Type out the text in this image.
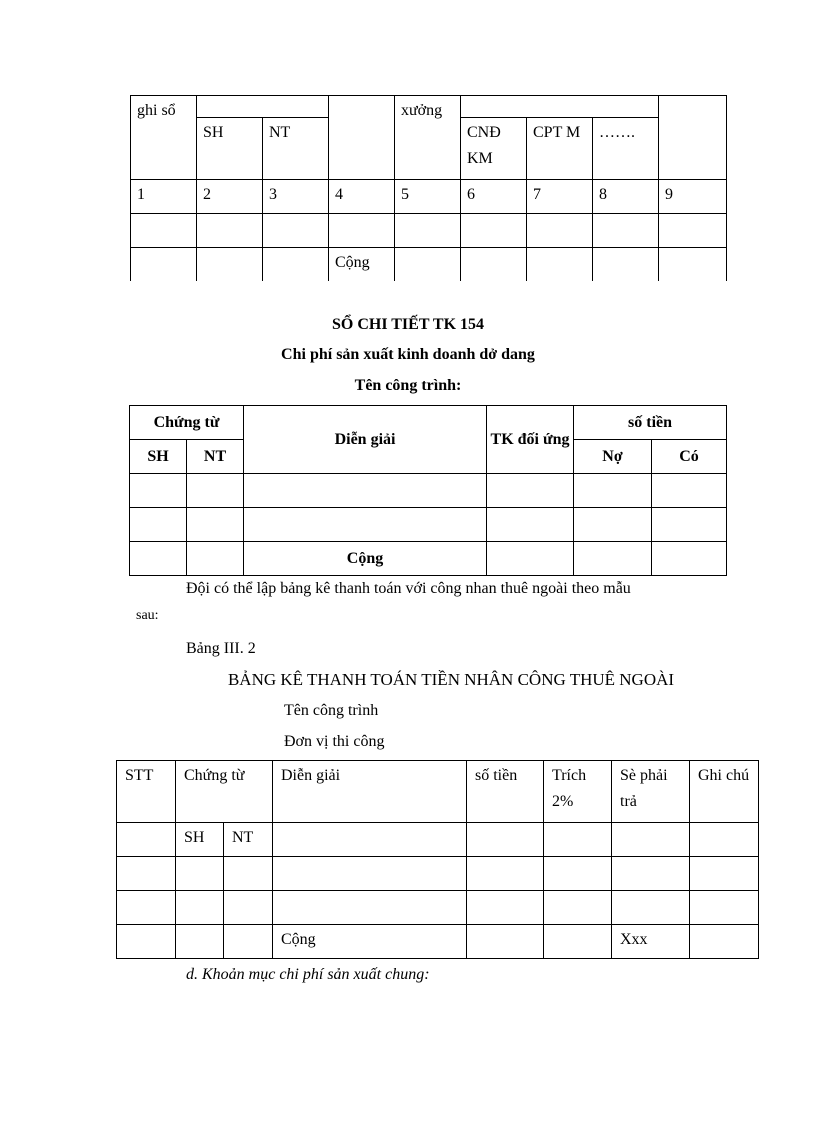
ghi sổ				xưởng				
	SH	NT			CNĐ KM	CPT M	…….	
1	2	3	4	5	6	7	8	9

			Cộng					
SỔ CHI TIẾT TK 154
Chi phí sản xuất kinh doanh dở dang
Tên công trình:
Chứng từ		Diễn giải	TK đối ứng	số tiền	
SH	NT			Nợ	Có

		Cộng			
Đội có thể lập bảng kê thanh toán với công nhan thuê ngoài theo mẫu
sau:
Bảng III. 2
BẢNG KÊ THANH TOÁN TIỀN NHÂN CÔNG THUÊ NGOÀI
Tên công trình
Đơn vị thi công
STT	Chứng từ		Diễn giải	số tiền	Trích 2%	Sè phải trả	Ghi chú
	SH	NT					

			Cộng			Xxx	
d. Khoản mục chi phí sản xuất chung:
